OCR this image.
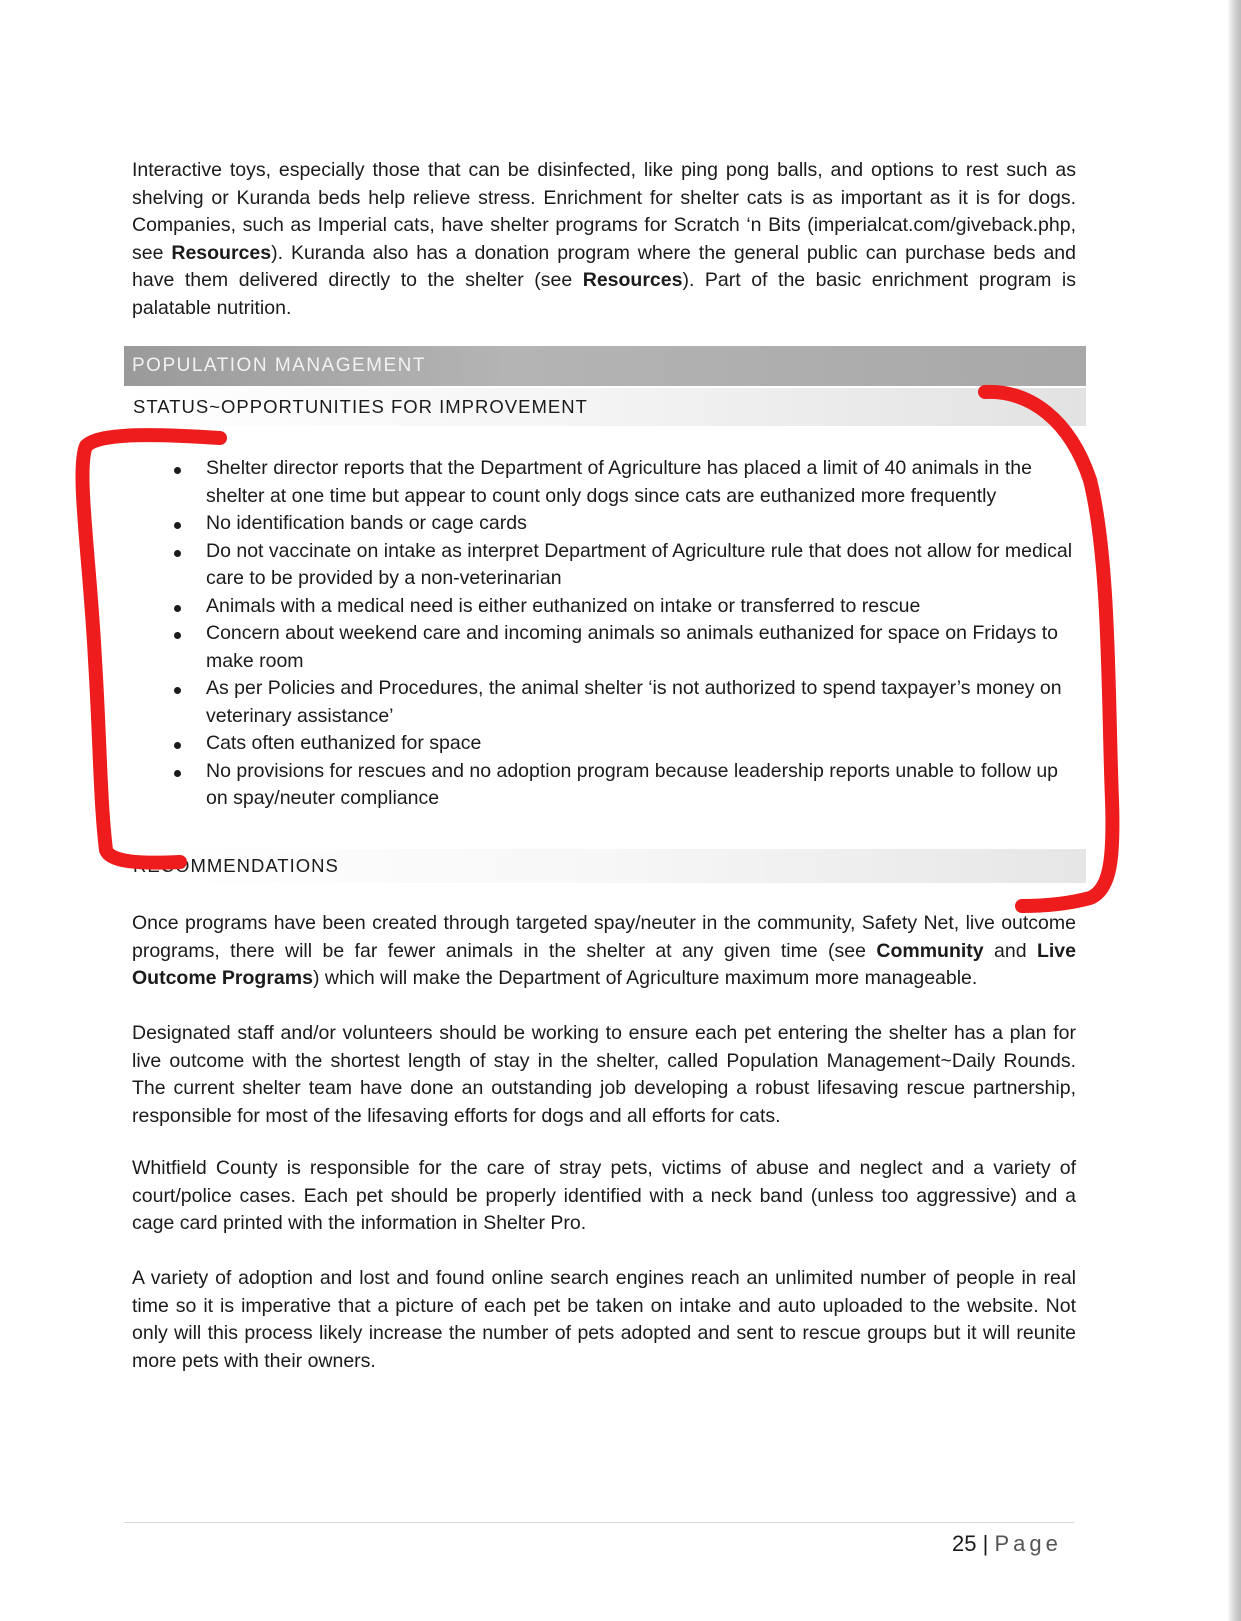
Interactive toys, especially those that can be disinfected, like ping pong balls, and options to rest such as shelving or Kuranda beds help relieve stress. Enrichment for shelter cats is as important as it is for dogs. Companies, such as Imperial cats, have shelter programs for Scratch ‘n Bits (imperialcat.com/giveback.php, see Resources). Kuranda also has a donation program where the general public can purchase beds and have them delivered directly to the shelter (see Resources). Part of the basic enrichment program is palatable nutrition.

POPULATION MANAGEMENT
STATUS~OPPORTUNITIES FOR IMPROVEMENT
Shelter director reports that the Department of Agriculture has placed a limit of 40 animals in the shelter at one time but appear to count only dogs since cats are euthanized more frequently
No identification bands or cage cards
Do not vaccinate on intake as interpret Department of Agriculture rule that does not allow for medical care to be provided by a non-veterinarian
Animals with a medical need is either euthanized on intake or transferred to rescue
Concern about weekend care and incoming animals so animals euthanized for space on Fridays to make room
As per Policies and Procedures, the animal shelter ‘is not authorized to spend taxpayer’s money on veterinary assistance’
Cats often euthanized for space
No provisions for rescues and no adoption program because leadership reports unable to follow up on spay/neuter compliance
RECOMMENDATIONS

Once programs have been created through targeted spay/neuter in the community, Safety Net, live outcome programs, there will be far fewer animals in the shelter at any given time (see Community and Live Outcome Programs) which will make the Department of Agriculture maximum more manageable.

Designated staff and/or volunteers should be working to ensure each pet entering the shelter has a plan for live outcome with the shortest length of stay in the shelter, called Population Management~Daily Rounds. The current shelter team have done an outstanding job developing a robust lifesaving rescue partnership, responsible for most of the lifesaving efforts for dogs and all efforts for cats.

Whitfield County is responsible for the care of stray pets, victims of abuse and neglect and a variety of court/police cases. Each pet should be properly identified with a neck band (unless too aggressive) and a cage card printed with the information in Shelter Pro.

A variety of adoption and lost and found online search engines reach an unlimited number of people in real time so it is imperative that a picture of each pet be taken on intake and auto uploaded to the website. Not only will this process likely increase the number of pets adopted and sent to rescue groups but it will reunite more pets with their owners.

25 | Page
